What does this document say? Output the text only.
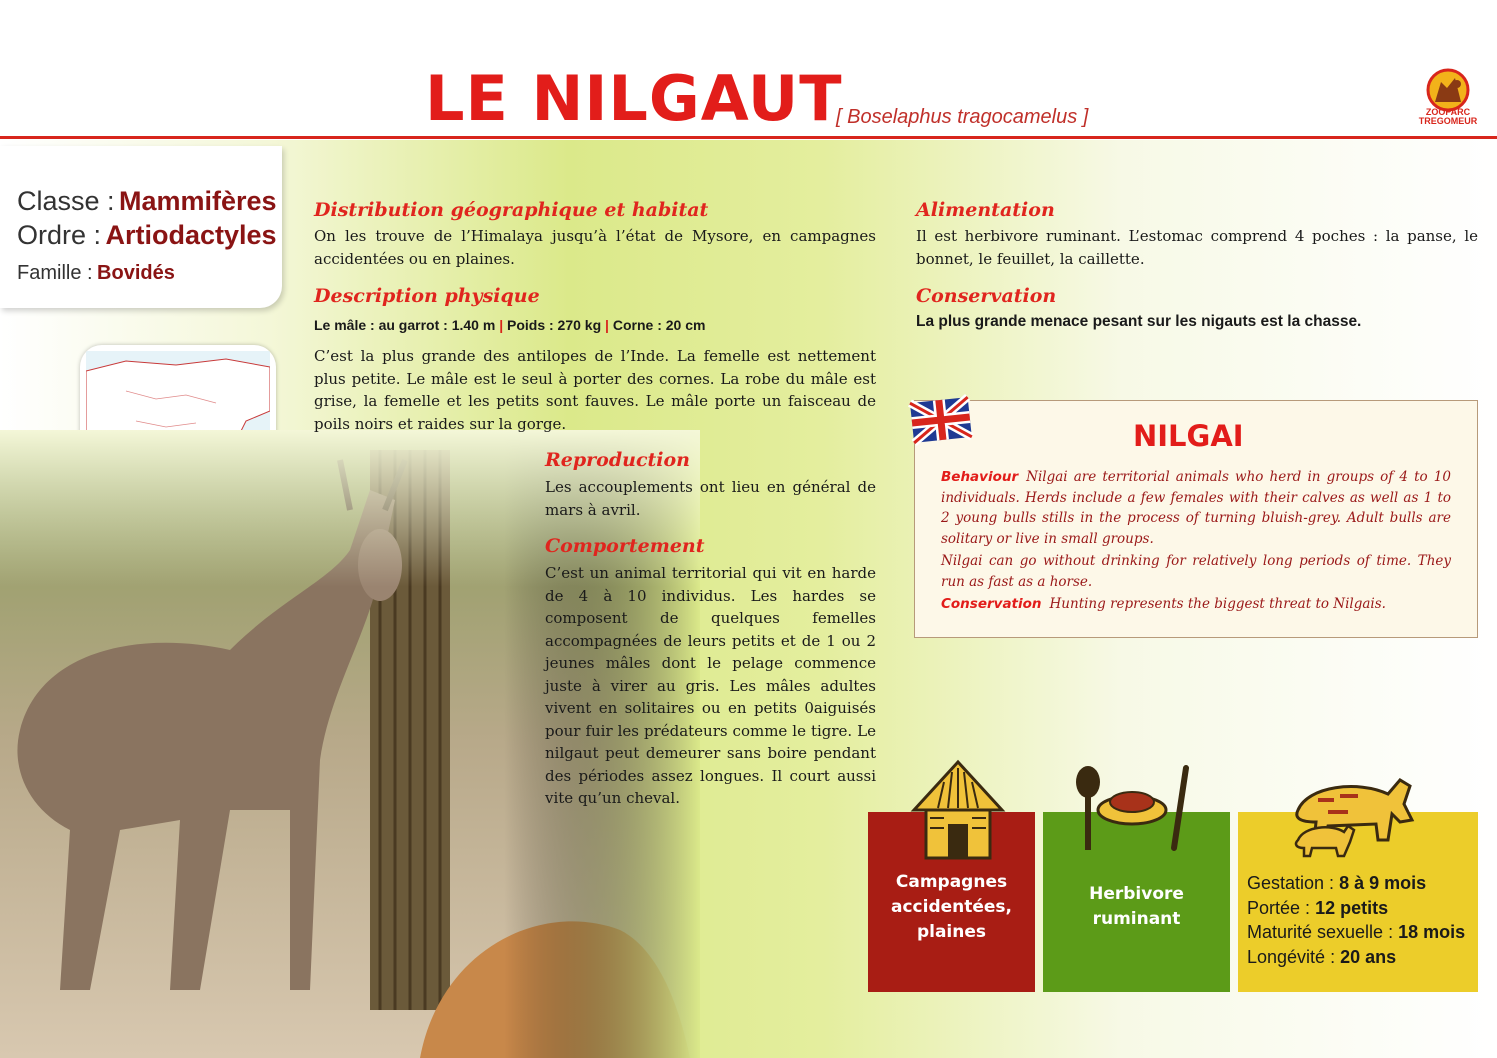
LE NILGAUT
[ Boselaphus tragocamelus ]	ZOOPARC
TREGOMEUR
Classe : Mammifères
Ordre : Artiodactyles
Famille : Bovidés
Distribution géographique et habitat

On les trouve de l’Himalaya jusqu’à l’état de Mysore, en campagnes accidentées ou en plaines.

Description physique
Le mâle : au garrot : 1.40 m | Poids : 270 kg | Corne : 20 cm

C’est la plus grande des antilopes de l’Inde. La femelle est nettement plus petite. Le mâle est le seul à porter des cornes. La robe du mâle est grise, la femelle et les petits sont fauves. Le mâle porte un faisceau de poils noirs et raides sur la gorge.

Reproduction

Les accouplements ont lieu en général de mars à avril.

Comportement

C’est un animal territorial qui vit en harde de 4 à 10 individus. Les hardes se composent de quelques femelles accompagnées de leurs petits et de 1 ou 2 jeunes mâles dont le pelage commence juste à virer au gris. Les mâles adultes vivent en solitaires ou en petits 0aiguisés pour fuir les prédateurs comme le tigre. Le nilgaut peut demeurer sans boire pendant des périodes assez longues. Il court aussi vite qu’un cheval.

Alimentation

Il est herbivore ruminant. L’estomac comprend 4 poches : la panse, le bonnet, le feuillet, la caillette.

Conservation

La plus grande menace pesant sur les nigauts est la chasse.

NILGAI
Behaviour Nilgai are territorial animals who herd in groups of 4 to 10 individuals. Herds include a few females with their calves as well as 1 to 2 young bulls stills in the process of turning bluish-grey. Adult bulls are solitary or live in small groups.
Nilgai can go without drinking for relatively long periods of time. They run as fast as a horse.
Conservation Hunting represents the biggest threat to Nilgais.
Campagnes
accidentées,
plaines
Herbivore
ruminant
Gestation : 8 à 9 mois
Portée : 12 petits
Maturité sexuelle : 18 mois
Longévité : 20 ans
